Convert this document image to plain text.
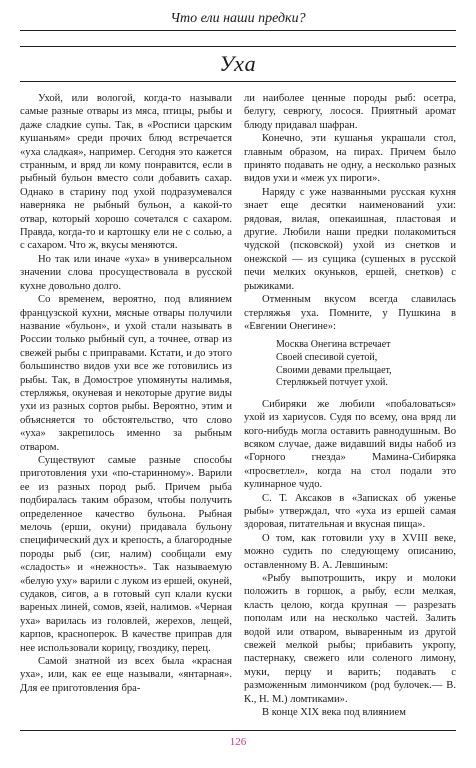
Что ели наши предки?
Уха

Ухой, или вологой, когда-то называли самые разные отвары из мяса, птицы, рыбы и даже сладкие супы. Так, в «Росписи царским кушаньям» среди прочих блюд встречается «уха сладкая», например. Сегодня это кажется странным, и вряд ли кому понравится, если в рыбный бульон вместо соли добавить сахар. Однако в старину под ухой подразумевался наверняка не рыбный бульон, а какой-то отвар, который хорошо сочетался с сахаром. Правда, когда-то и картошку ели не с солью, а с сахаром. Что ж, вкусы меняются.

Но так или иначе «уха» в универсальном значении слова просуществовала в русской кухне довольно долго.

Со временем, вероятно, под влиянием французской кухни, мясные отвары получили название «бульон», и ухой стали называть в России только рыбный суп, а точнее, отвар из свежей рыбы с приправами. Кстати, и до этого большинство видов ухи все же готовились из рыбы. Так, в Домострое упомянуты налимья, стерляжья, окуневая и некоторые другие виды ухи из разных сортов рыбы. Вероятно, этим и объясняется то обстоятельство, что слово «уха» закрепилось именно за рыбным отваром.

Существуют самые разные способы приготовления ухи «по-старинному». Варили ее из разных пород рыб. Причем рыба подбиралась таким образом, чтобы получить определенное качество бульона. Рыбная мелочь (ерши, окуни) придавала бульону специфический дух и крепость, а благородные породы рыб (сиг, налим) сообщали ему «сладость» и «нежность». Так называемую «белую уху» варили с луком из ершей, окуней, судаков, сигов, а в готовый суп клали куски вареных линей, сомов, язей, налимов. «Черная уха» варилась из головлей, жерехов, лещей, карпов, красноперок. В качестве приправ для нее использовали корицу, гвоздику, перец.

Самой знатной из всех была «красная уха», или, как ее еще называли, «янтарная». Для ее приготовления бра-

ли наиболее ценные породы рыб: осетра, белугу, севрюгу, лосося. Приятный аромат блюду придавал шафран.

Конечно, эти кушанья украшали стол, главным образом, на пирах. Причем было принято подавать не одну, а несколько разных видов ухи и «меж ух пироги».

Наряду с уже названными русская кухня знает еще десятки наименований ухи: рядовая, вилая, опекаишная, пластовая и другие. Любили наши предки полакомиться чудской (псковской) ухой из снетков и онежской — из сущика (сушеных в русской печи мелких окуньков, ершей, снетков) с рыжиками.

Отменным вкусом всегда славилась стерляжья уха. Помните, у Пушкина в «Евгении Онегине»:

Москва Онегина встречает
Своей спесивой суетой,
Своими девами прельщает,
Стерляжьей потчует ухой.

Сибиряки же любили «побаловаться» ухой из хариусов. Судя по всему, она вряд ли кого-нибудь могла оставить равнодушным. Во всяком случае, даже видавший виды набоб из «Горного гнезда» Мамина-Сибиряка «просветлел», когда на стол подали это кулинарное чудо.

С. Т. Аксаков в «Записках об уженье рыбы» утверждал, что «уха из ершей самая здоровая, питательная и вкусная пища».

О том, как готовили уху в XVIII веке, можно судить по следующему описанию, оставленному В. А. Левшиным:

«Рыбу выпотрошить, икру и молоки положить в горшок, а рыбу, если мелкая, класть целою, когда крупная — разрезать пополам или на несколько частей. Залить водой или отваром, вываренным из другой свежей мелкой рыбы; прибавить укропу, пастернаку, свежего или соленого лимону, муки, перцу и варить; подавать с разможенным лимончиком (род булочек.— В. К., Н. М.) ломтиками».

В конце XIX века под влиянием

126
